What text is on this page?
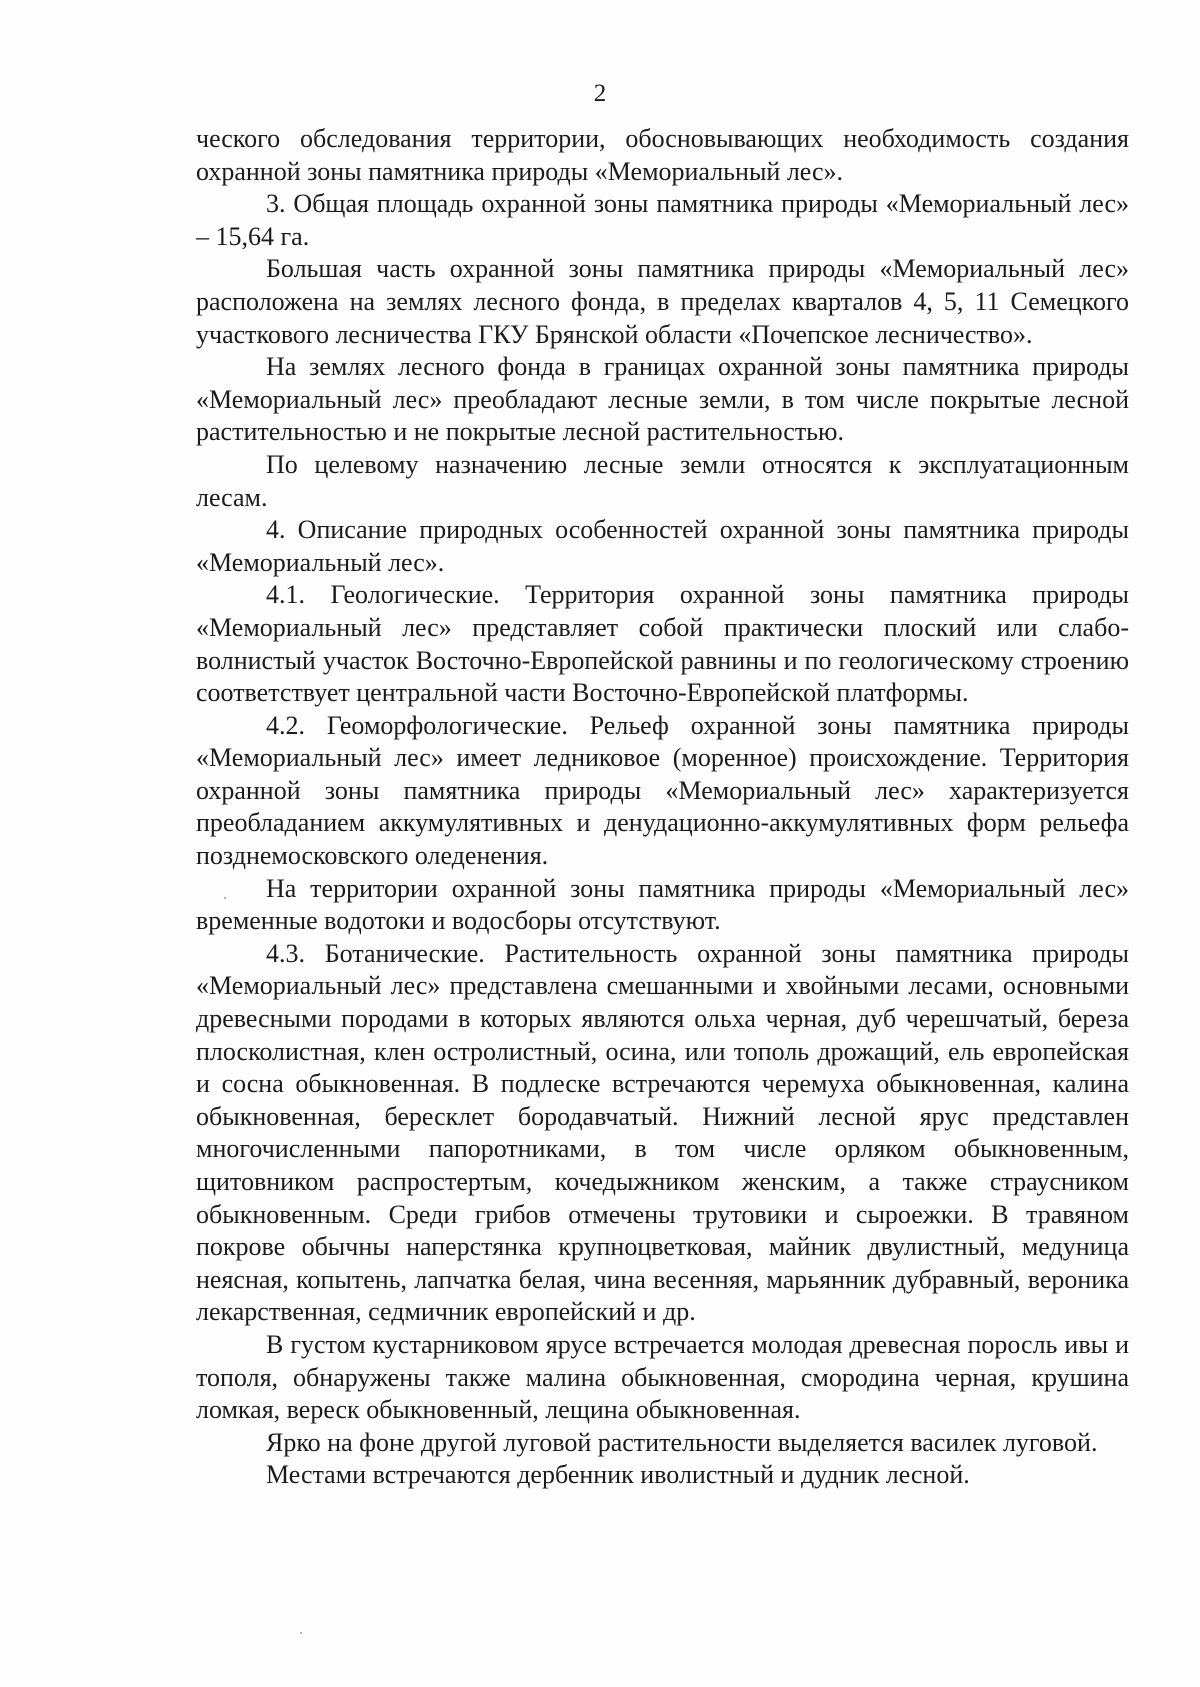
2

ческого обследования территории, обосновывающих необходимость создания охранной зоны памятника природы «Мемориальный лес».

3. Общая площадь охранной зоны памятника природы «Мемориальный лес» – 15,64 га.

Большая часть охранной зоны памятника природы «Мемориальный лес» расположена на землях лесного фонда, в пределах кварталов 4, 5, 11 Семецкого участкового лесничества ГКУ Брянской области «Почепское лесничество».

На землях лесного фонда в границах охранной зоны памятника природы «Мемориальный лес» преобладают лесные земли, в том числе покрытые лесной растительностью и не покрытые лесной растительностью.

По целевому назначению лесные земли относятся к эксплуатационным лесам.

4. Описание природных особенностей охранной зоны памятника природы «Мемориальный лес».

4.1. Геологические. Территория охранной зоны памятника природы «Мемориальный лес» представляет собой практически плоский или слабоволнистый участок Восточно-Европейской равнины и по геологическому строению соответствует центральной части Восточно-Европейской платформы.

4.2. Геоморфологические. Рельеф охранной зоны памятника природы «Мемориальный лес» имеет ледниковое (моренное) происхождение. Территория охранной зоны памятника природы «Мемориальный лес» характеризуется преобладанием аккумулятивных и денудационно-аккумулятивных форм рельефа позднемосковского оледенения.

На территории охранной зоны памятника природы «Мемориальный лес» временные водотоки и водосборы отсутствуют.

4.3. Ботанические. Растительность охранной зоны памятника природы «Мемориальный лес» представлена смешанными и хвойными лесами, основными древесными породами в которых являются ольха черная, дуб черешчатый, береза плосколистная, клен остролистный, осина, или тополь дрожащий, ель европейская и сосна обыкновенная. В подлеске встречаются черемуха обыкновенная, калина обыкновенная, бересклет бородавчатый. Нижний лесной ярус представлен многочисленными папоротниками, в том числе орляком обыкновенным, щитовником распростертым, кочедыжником женским, а также страусником обыкновенным. Среди грибов отмечены трутовики и сыроежки. В травяном покрове обычны наперстянка крупноцветковая, майник двулистный, медуница неясная, копытень, лапчатка белая, чина весенняя, марьянник дубравный, вероника лекарственная, седмичник европейский и др.

В густом кустарниковом ярусе встречается молодая древесная поросль ивы и тополя, обнаружены также малина обыкновенная, смородина черная, крушина ломкая, вереск обыкновенный, лещина обыкновенная.

Ярко на фоне другой луговой растительности выделяется василек луговой.

Местами встречаются дербенник иволистный и дудник лесной.
